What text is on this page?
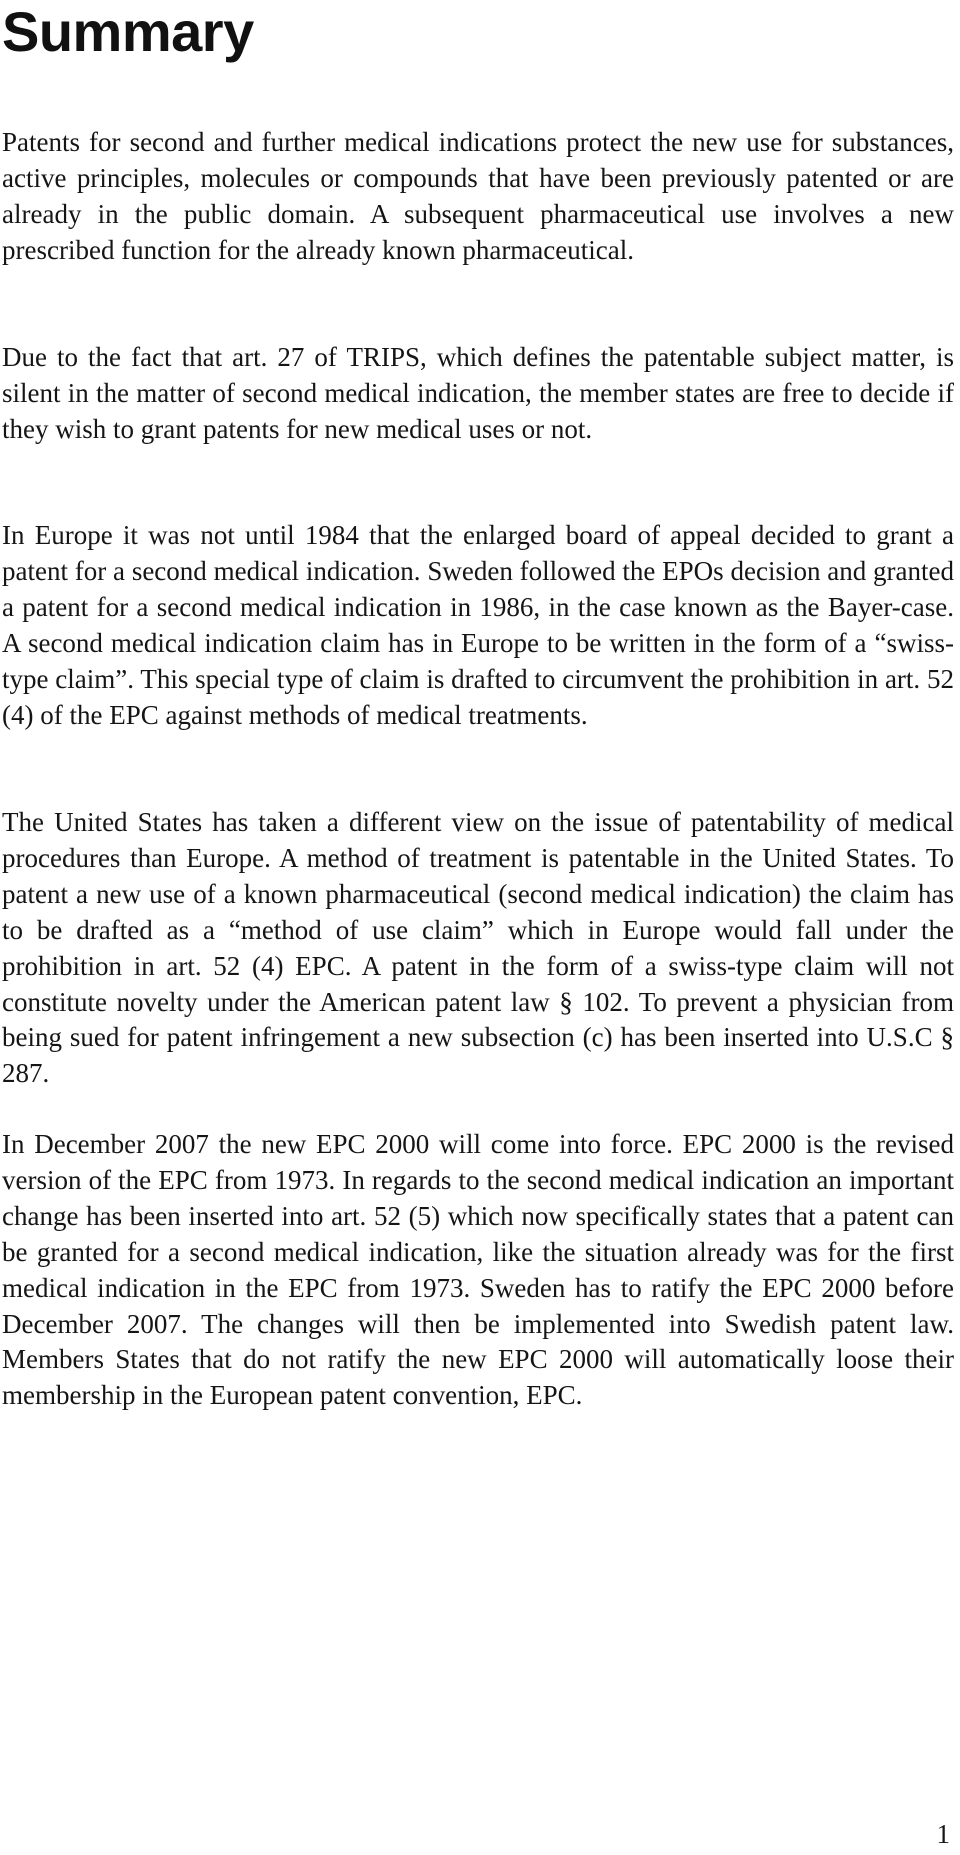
Summary

Patents for second and further medical indications protect the new use for substances, active principles, molecules or compounds that have been previously patented or are already in the public domain. A subsequent pharmaceutical use involves a new prescribed function for the already known pharmaceutical.

Due to the fact that art. 27 of TRIPS, which defines the patentable subject matter, is silent in the matter of second medical indication, the member states are free to decide if they wish to grant patents for new medical uses or not.

In Europe it was not until 1984 that the enlarged board of appeal decided to grant a patent for a second medical indication. Sweden followed the EPOs decision and granted a patent for a second medical indication in 1986, in the case known as the Bayer-case. A second medical indication claim has in Europe to be written in the form of a “swiss-type claim”. This special type of claim is drafted to circumvent the prohibition in art. 52 (4) of the EPC against methods of medical treatments.

The United States has taken a different view on the issue of patentability of medical procedures than Europe. A method of treatment is patentable in the United States. To patent a new use of a known pharmaceutical (second medical indication) the claim has to be drafted as a “method of use claim” which in Europe would fall under the prohibition in art. 52 (4) EPC. A patent in the form of a swiss-type claim will not constitute novelty under the American patent law § 102. To prevent a physician from being sued for patent infringement a new subsection (c) has been inserted into U.S.C § 287.

In December 2007 the new EPC 2000 will come into force. EPC 2000 is the revised version of the EPC from 1973. In regards to the second medical indication an important change has been inserted into art. 52 (5) which now specifically states that a patent can be granted for a second medical indication, like the situation already was for the first medical indication in the EPC from 1973. Sweden has to ratify the EPC 2000 before December 2007. The changes will then be implemented into Swedish patent law. Members States that do not ratify the new EPC 2000 will automatically loose their membership in the European patent convention, EPC.

1
